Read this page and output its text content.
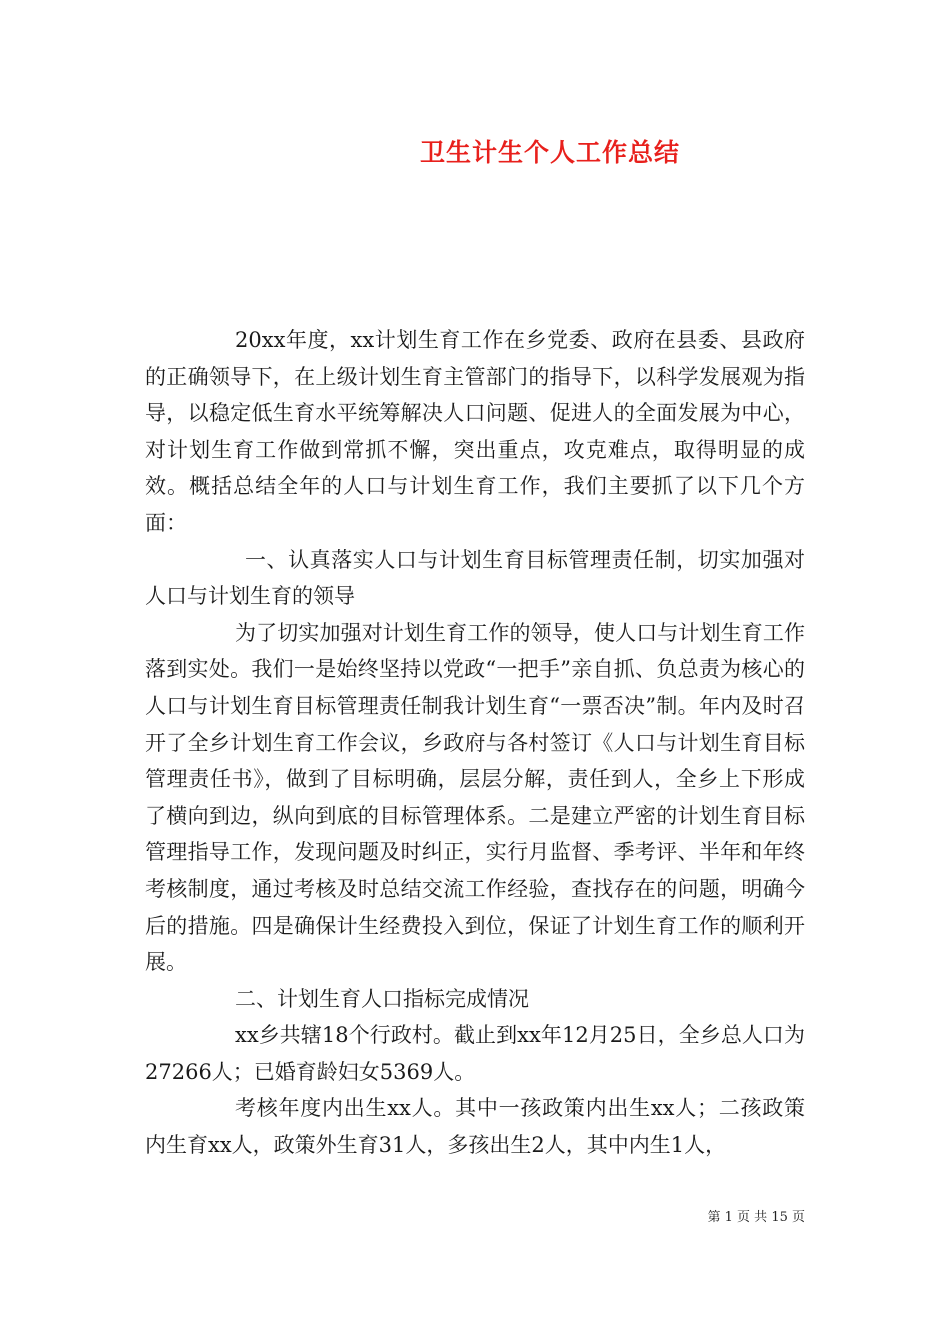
卫生计生个人工作总结

20xx年度，xx计划生育工作在乡党委、政府在县委、县政府的正确领导下，在上级计划生育主管部门的指导下，以科学发展观为指导，以稳定低生育水平统筹解决人口问题、促进人的全面发展为中心，对计划生育工作做到常抓不懈，突出重点，攻克难点，取得明显的成效。概括总结全年的人口与计划生育工作，我们主要抓了以下几个方面：

一、认真落实人口与计划生育目标管理责任制，切实加强对人口与计划生育的领导

为了切实加强对计划生育工作的领导，使人口与计划生育工作落到实处。我们一是始终坚持以党政“一把手”亲自抓、负总责为核心的人口与计划生育目标管理责任制我计划生育“一票否决”制。年内及时召开了全乡计划生育工作会议，乡政府与各村签订《人口与计划生育目标管理责任书》，做到了目标明确，层层分解，责任到人，全乡上下形成了横向到边，纵向到底的目标管理体系。二是建立严密的计划生育目标管理指导工作，发现问题及时纠正，实行月监督、季考评、半年和年终考核制度，通过考核及时总结交流工作经验，查找存在的问题，明确今后的措施。四是确保计生经费投入到位，保证了计划生育工作的顺利开展。

二、计划生育人口指标完成情况

xx乡共辖18个行政村。截止到xx年12月25日，全乡总人口为27266人；已婚育龄妇女5369人。

考核年度内出生xx人。其中一孩政策内出生xx人；二孩政策内生育xx人，政策外生育31人，多孩出生2人，其中内生1人，

第 1 页 共 15 页
